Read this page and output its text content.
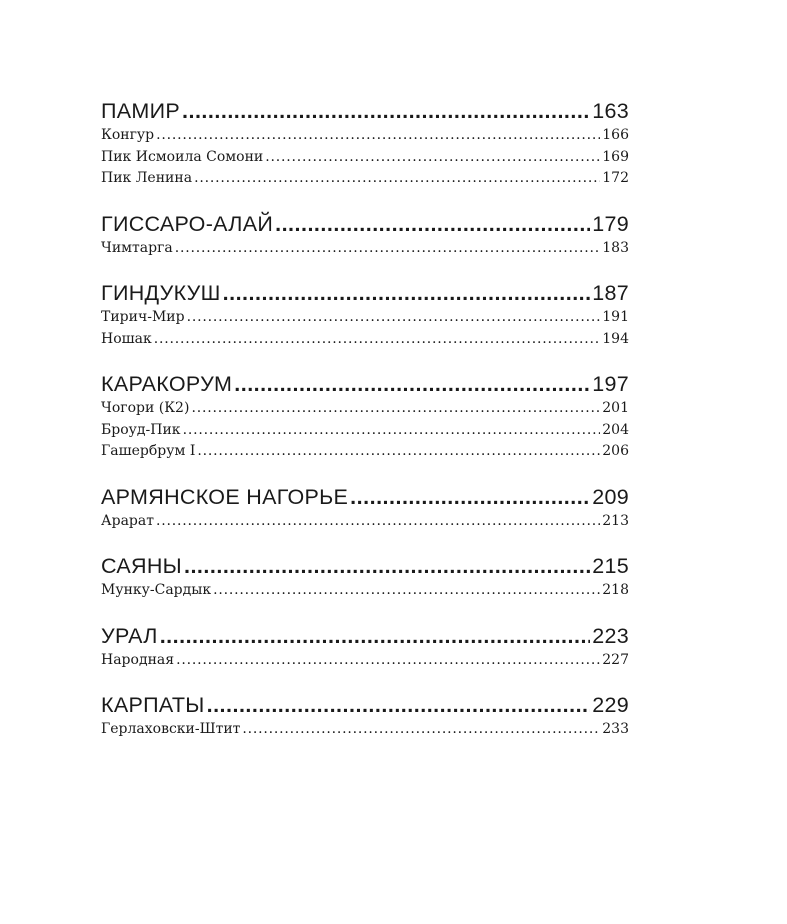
ПАМИР .....	163
Конгур .....	166
Пик Исмоила Сомони .....	169
Пик Ленина .....	172
ГИССАРО-АЛАЙ .....	179
Чимтарга .....	183
ГИНДУКУШ .....	187
Тирич-Мир .....	191
Ношак .....	194
КАРАКОРУМ .....	197
Чогори (К2) .....	201
Броуд-Пик .....	204
Гашербрум I .....	206
АРМЯНСКОЕ НАГОРЬЕ .....	209
Арарат .....	213
САЯНЫ .....	215
Мунку-Сардык .....	218
УРАЛ .....	223
Народная .....	227
КАРПАТЫ .....	229
Герлаховски-Штит .....	233
